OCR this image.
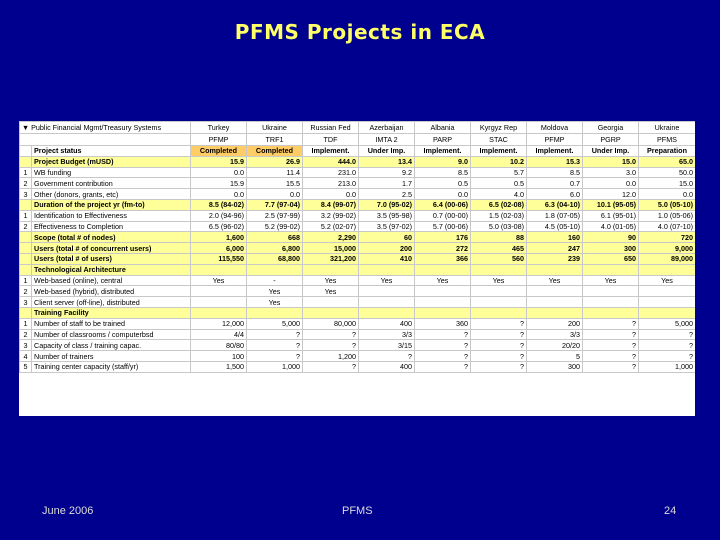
PFMS Projects in ECA
▼ Public Financial Mgmt/Treasury Systems		Turkey	Ukraine	Russian Fed	Azerbaijan	Albania	Kyrgyz Rep	Moldova	Georgia	Ukraine
		PFMP	TRF1	TDF	IMTA 2	PARP	STAC	PFMP	PGRP	PFMS
	Project status	Completed	Completed	Implement.	Under Imp.	Implement.	Implement.	Implement.	Under Imp.	Preparation
	Project Budget (mUSD)	15.9	26.9	444.0	13.4	9.0	10.2	15.3	15.0	65.0
1	WB funding	0.0	11.4	231.0	9.2	8.5	5.7	8.5	3.0	50.0
2	Government contribution	15.9	15.5	213.0	1.7	0.5	0.5	0.7	0.0	15.0
3	Other (donors, grants, etc)	0.0	0.0	0.0	2.5	0.0	4.0	6.0	12.0	0.0
	Duration of the project yr (fm-to)	8.5 (84-02)	7.7 (97-04)	8.4 (99-07)	7.0 (95-02)	6.4 (00-06)	6.5 (02-08)	6.3 (04-10)	10.1 (95-05)	5.0 (05-10)
1	Identification to Effectiveness	2.0 (94-96)	2.5 (97-99)	3.2 (99-02)	3.5 (95-98)	0.7 (00-00)	1.5 (02-03)	1.8 (07-05)	6.1 (95-01)	1.0 (05-06)
2	Effectiveness to Completion	6.5 (96-02)	5.2 (99-02)	5.2 (02-07)	3.5 (97-02)	5.7 (00-06)	5.0 (03-08)	4.5 (05-10)	4.0 (01-05)	4.0 (07-10)
	Scope (total # of nodes)	1,600	668	2,290	60	176	88	160	90	720
	Users (total # of concurrent users)	6,000	6,800	15,000	200	272	465	247	300	9,000
	Users (total # of users)	115,550	68,800	321,200	410	366	560	239	650	89,000
	Technological Architecture									
1	Web-based (online), central	Yes	-	Yes	Yes	Yes	Yes	Yes	Yes	Yes
2	Web-based (hybrid), distributed		Yes	Yes						
3	Client server (off-line), distributed		Yes							
	Training Facility									
1	Number of staff to be trained	12,000	5,000	80,000	400	360	?	200	?	5,000
2	Number of classrooms / computerbsd	4/4	?	?	3/3	?	?	3/3	?	?
3	Capacity of class / training capac.	80/80	?	?	3/15	?	?	20/20	?	?
4	Number of trainers	100	?	1,200	?	?	?	5	?	?
5	Training center capacity (staff/yr)	1,500	1,000	?	400	?	?	300	?	1,000
June 2006	PFMS	24
